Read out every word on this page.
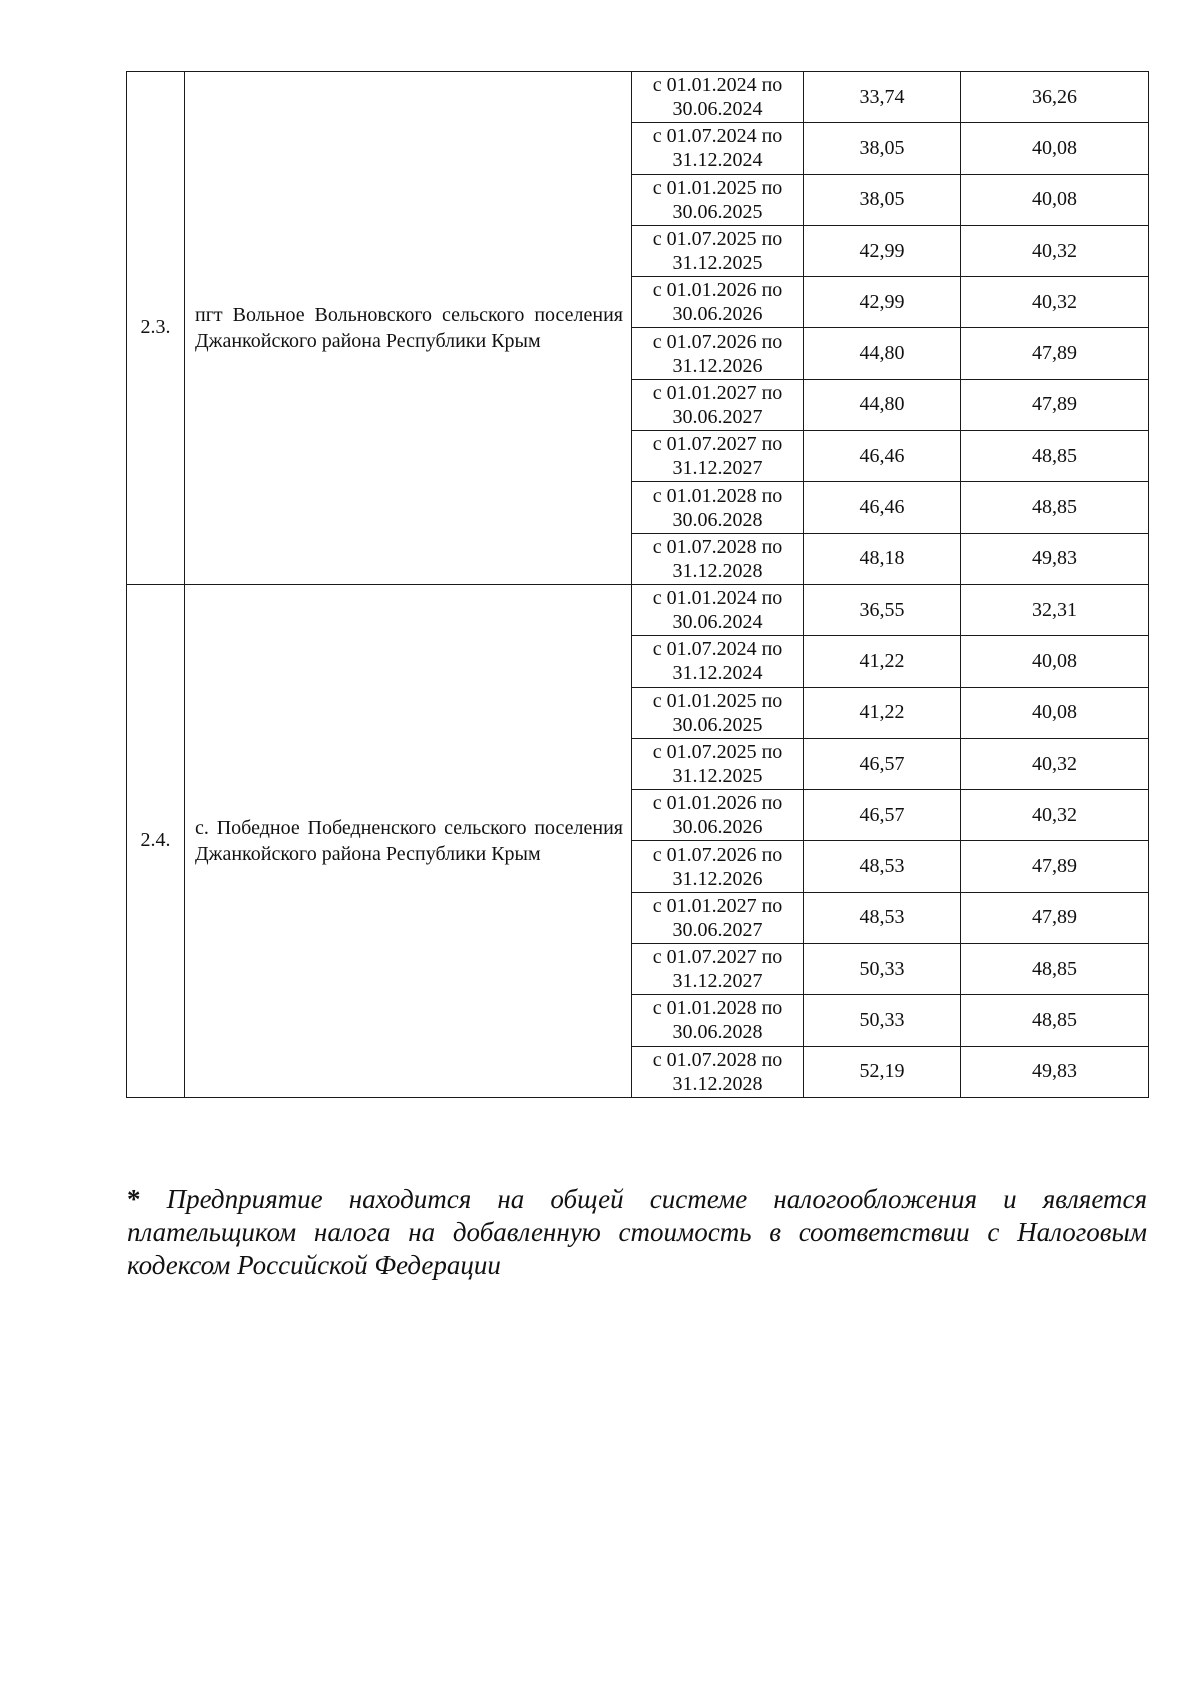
2.3.	пгт Вольное Вольновского сельского поселения Джанкойского района Республики Крым	с 01.01.2024 по
30.06.2024	33,74	36,26

		с 01.07.2024 по
31.12.2024	38,05	40,08

		с 01.01.2025 по
30.06.2025	38,05	40,08

		с 01.07.2025 по
31.12.2025	42,99	40,32

		с 01.01.2026 по
30.06.2026	42,99	40,32

		с 01.07.2026 по
31.12.2026	44,80	47,89

		с 01.01.2027 по
30.06.2027	44,80	47,89

		с 01.07.2027 по
31.12.2027	46,46	48,85

		с 01.01.2028 по
30.06.2028	46,46	48,85

		с 01.07.2028 по
31.12.2028	48,18	49,83
2.4.	с. Победное Победненского сельского поселения Джанкойского района Республики Крым	с 01.01.2024 по
30.06.2024	36,55	32,31

		с 01.07.2024 по
31.12.2024	41,22	40,08

		с 01.01.2025 по
30.06.2025	41,22	40,08

		с 01.07.2025 по
31.12.2025	46,57	40,32

		с 01.01.2026 по
30.06.2026	46,57	40,32

		с 01.07.2026 по
31.12.2026	48,53	47,89

		с 01.01.2027 по
30.06.2027	48,53	47,89

		с 01.07.2027 по
31.12.2027	50,33	48,85

		с 01.01.2028 по
30.06.2028	50,33	48,85

		с 01.07.2028 по
31.12.2028	52,19	49,83
* Предприятие находится на общей системе налогообложения и является плательщиком налога на добавленную стоимость в соответствии с Налоговым кодексом Российской Федерации
